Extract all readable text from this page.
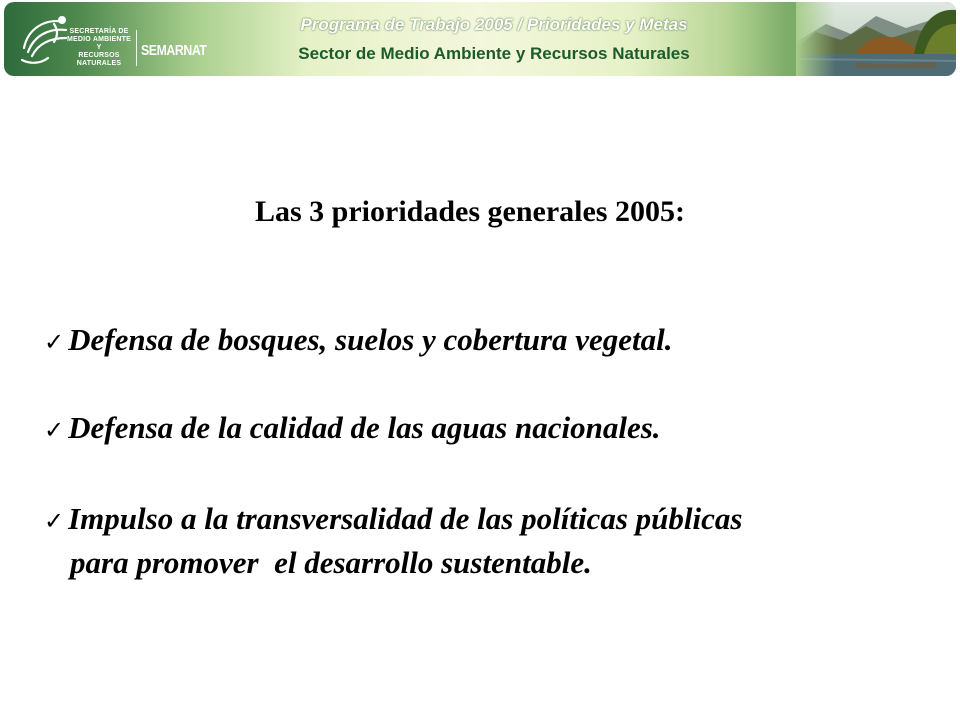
SECRETARÍA DE
MEDIO AMBIENTE Y
RECURSOS NATURALES
SEMARNAT
Programa de Trabajo 2005 / Prioridades y Metas
Sector de Medio Ambiente y Recursos Naturales
Las 3 prioridades generales 2005:
✓ Defensa de bosques, suelos y cobertura vegetal.
✓ Defensa de la calidad de las aguas nacionales.
✓ Impulso a la transversalidad de las políticas públicas
para promover  el desarrollo sustentable.
